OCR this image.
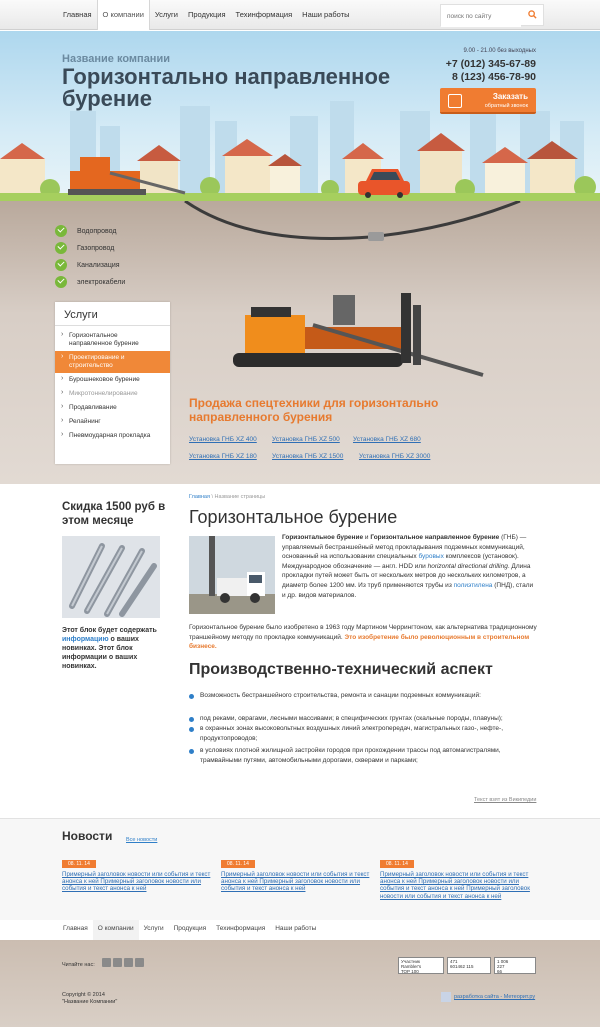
Главная	О компании	Услуги	Продукция	Техинформация	Наши работы
поиск по сайту
Название компании
Горизонтально направленное бурение
9.00 - 21.00 без выходных
+7 (012) 345-67-89
8 (123) 456-78-90
Заказать
обратный звонок
Водопровод
Газопровод
Канализация
электрокабели
Услуги
› Горизонтальное направленное бурение
› Проектирование и строительство
› Бурошнековое бурение
› Микротоннелирование
› Продавливание
› Релайнинг
› Пневмоударная прокладка
Продажа спецтехники для горизонтально направленного бурения
Установка ГНБ XZ 400 Установка ГНБ XZ 500 Установка ГНБ XZ 680
Установка ГНБ XZ 180 Установка ГНБ XZ 1500 Установка ГНБ XZ 3000
Скидка 1500 руб в этом месяце
Этот блок будет содержать информацию о ваших новинках. Этот блок информации о ваших новинках.
Главная \ Название страницы
Горизонтальное бурение
Горизонтальное бурение и Горизонтальное направленное бурение (ГНБ) — управляемый бестраншейный метод прокладывания подземных коммуникаций, основанный на использовании специальных буровых комплексов (установок). Международное обозначение — англ. HDD или horizontal directional drilling. Длина прокладки путей может быть от нескольких метров до нескольких километров, а диаметр более 1200 мм. Из труб применяются трубы из полиэтилена (ПНД), стали и др. видов материалов.
Горизонтальное бурение было изобретено в 1963 году Мартином Черрингтоном, как альтернатива традиционному траншейному методу по прокладке коммуникаций. Это изобретение было революционным в строительном бизнесе.
Производственно-технический аспект
Возможность бестраншейного строительства, ремонта и санации подземных коммуникаций:
под реками, оврагами, лесными массивами; в специфических грунтах (скальные породы, плавуны);
в охранных зонах высоковольтных воздушных линий электропередач, магистральных газо-, нефте-, продуктопроводов;
в условиях плотной жилищной застройки городов при прохождении трассы под автомагистралями, трамвайными путями, автомобильными дорогами, скверами и парками;
Текст взят из Википедии
Новости Все новости
08. 11. 14
Примерный заголовок новости или события и текст анонса к ней Примерный заголовок новости или события и текст анонса к ней
08. 11. 14
Примерный заголовок новости или события и текст анонса к ней Примерный заголовок новости или события и текст анонса к ней
08. 11. 14
Примерный заголовок новости или события и текст анонса к ней Примерный заголовок новости или события и текст анонса к ней Примерный заголовок новости или события и текст анонса к ней
Главная	О компании	Услуги	Продукция	Техинформация	Наши работы
Читайте нас:
Участник
Rambler's
ТОР 100
471
601462 115
1 006
227
66
Copyright © 2014
"Название Компании"
разработка сайта - Метеорит.ру
